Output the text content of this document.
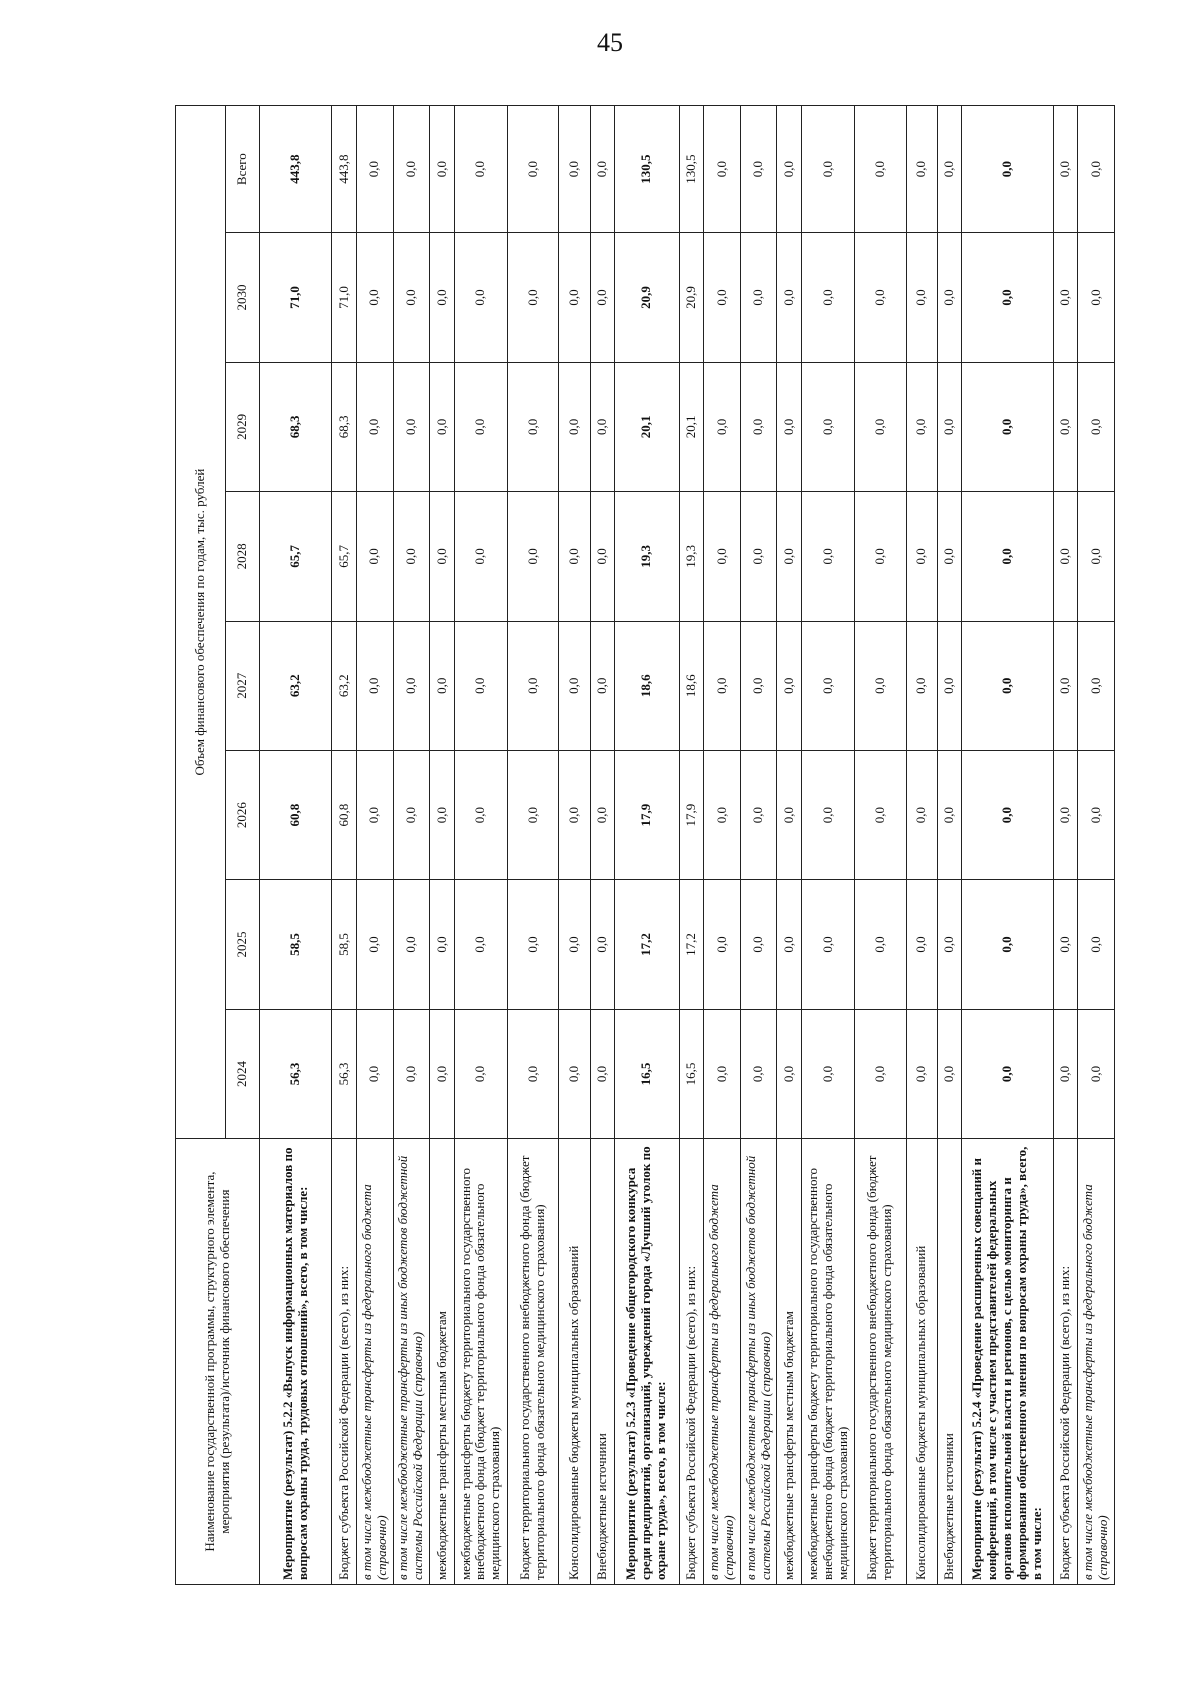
45
Наименование государственной программы, структурного элемента, мероприятия (результата)/источник финансового обеспечения	Объем финансового обеспечения по годам, тыс. рублей							
	2024	2025	2026	2027	2028	2029	2030	Всего
Мероприятие (результат) 5.2.2 «Выпуск информационных материалов по вопросам охраны труда, трудовых отношений», всего, в том числе:	56,3	58,5	60,8	63,2	65,7	68,3	71,0	443,8
Бюджет субъекта Российской Федерации (всего), из них:	56,3	58,5	60,8	63,2	65,7	68,3	71,0	443,8
в том числе межбюджетные трансферты из федерального бюджета (справочно)	0,0	0,0	0,0	0,0	0,0	0,0	0,0	0,0
в том числе межбюджетные трансферты из иных бюджетов бюджетной системы Российской Федерации (справочно)	0,0	0,0	0,0	0,0	0,0	0,0	0,0	0,0
межбюджетные трансферты местным бюджетам	0,0	0,0	0,0	0,0	0,0	0,0	0,0	0,0
межбюджетные трансферты бюджету территориального государственного внебюджетного фонда (бюджет территориального фонда обязательного медицинского страхования)	0,0	0,0	0,0	0,0	0,0	0,0	0,0	0,0
Бюджет территориального государственного внебюджетного фонда (бюджет территориального фонда обязательного медицинского страхования)	0,0	0,0	0,0	0,0	0,0	0,0	0,0	0,0
Консолидированные бюджеты муниципальных образований	0,0	0,0	0,0	0,0	0,0	0,0	0,0	0,0
Внебюджетные источники	0,0	0,0	0,0	0,0	0,0	0,0	0,0	0,0
Мероприятие (результат) 5.2.3 «Проведение общегородского конкурса среди предприятий, организаций, учреждений города «Лучший уголок по охране труда», всего, в том числе:	16,5	17,2	17,9	18,6	19,3	20,1	20,9	130,5
Бюджет субъекта Российской Федерации (всего), из них:	16,5	17,2	17,9	18,6	19,3	20,1	20,9	130,5
в том числе межбюджетные трансферты из федерального бюджета (справочно)	0,0	0,0	0,0	0,0	0,0	0,0	0,0	0,0
в том числе межбюджетные трансферты из иных бюджетов бюджетной системы Российской Федерации (справочно)	0,0	0,0	0,0	0,0	0,0	0,0	0,0	0,0
межбюджетные трансферты местным бюджетам	0,0	0,0	0,0	0,0	0,0	0,0	0,0	0,0
межбюджетные трансферты бюджету территориального государственного внебюджетного фонда (бюджет территориального фонда обязательного медицинского страхования)	0,0	0,0	0,0	0,0	0,0	0,0	0,0	0,0
Бюджет территориального государственного внебюджетного фонда (бюджет территориального фонда обязательного медицинского страхования)	0,0	0,0	0,0	0,0	0,0	0,0	0,0	0,0
Консолидированные бюджеты муниципальных образований	0,0	0,0	0,0	0,0	0,0	0,0	0,0	0,0
Внебюджетные источники	0,0	0,0	0,0	0,0	0,0	0,0	0,0	0,0
Мероприятие (результат) 5.2.4 «Проведение расширенных совещаний и конференций, в том числе с участием представителей федеральных органов исполнительной власти и регионов, с целью мониторинга и формирования общественного мнения по вопросам охраны труда», всего, в том числе:	0,0	0,0	0,0	0,0	0,0	0,0	0,0	0,0
Бюджет субъекта Российской Федерации (всего), из них:	0,0	0,0	0,0	0,0	0,0	0,0	0,0	0,0
в том числе межбюджетные трансферты из федерального бюджета (справочно)	0,0	0,0	0,0	0,0	0,0	0,0	0,0	0,0
